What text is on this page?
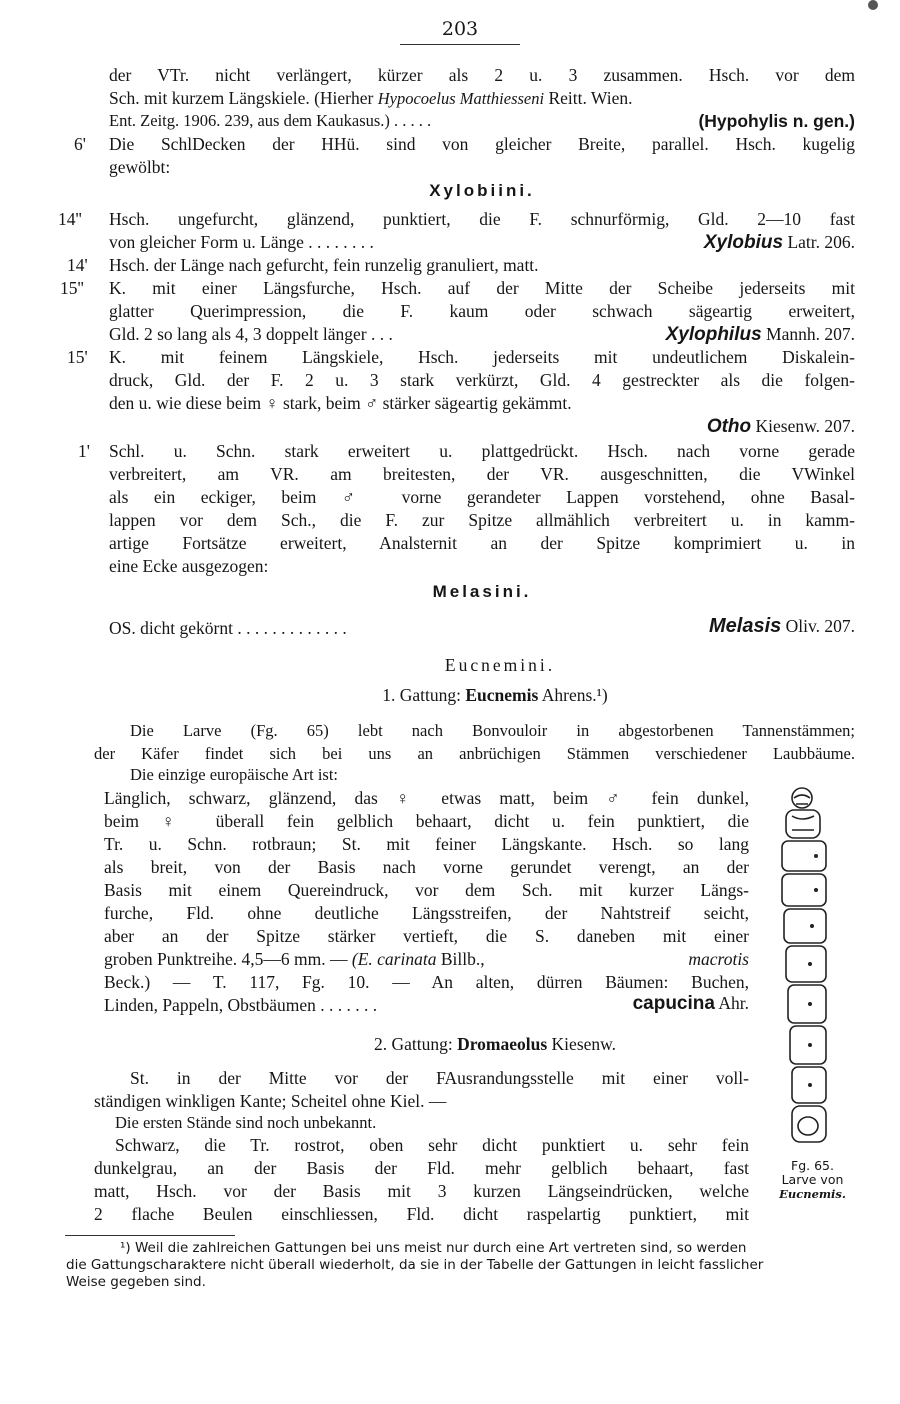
203
der VTr. nicht verlängert, kürzer als 2 u. 3 zusammen. Hsch. vor dem
Sch. mit kurzem Längskiele. (Hierher Hypocoelus Matthiesseni Reitt. Wien.
Ent. Zeitg. 1906. 239, aus dem Kaukasus.) . . . . .	(Hypohylis n. gen.)
6' Die SchlDecken der HHü. sind von gleicher Breite, parallel. Hsch. kugelig
gewölbt:
Xylobiini.
14'' Hsch. ungefurcht, glänzend, punktiert, die F. schnurförmig, Gld. 2—10 fast
von gleicher Form u. Länge . . . . . . . .	Xylobius Latr. 206.
14' Hsch. der Länge nach gefurcht, fein runzelig granuliert, matt.
15'' K. mit einer Längsfurche, Hsch. auf der Mitte der Scheibe jederseits mit
glatter Querimpression, die F. kaum oder schwach sägeartig erweitert,
Gld. 2 so lang als 4, 3 doppelt länger . . .	Xylophilus Mannh. 207.
15' K. mit feinem Längskiele, Hsch. jederseits mit undeutlichem Diskalein-
druck, Gld. der F. 2 u. 3 stark verkürzt, Gld. 4 gestreckter als die folgen-
den u. wie diese beim ♀ stark, beim ♂ stärker sägeartig gekämmt.
Otho Kiesenw. 207.
1' Schl. u. Schn. stark erweitert u. plattgedrückt. Hsch. nach vorne gerade
verbreitert, am VR. am breitesten, der VR. ausgeschnitten, die VWinkel
als ein eckiger, beim ♂ vorne gerandeter Lappen vorstehend, ohne Basal-
lappen vor dem Sch., die F. zur Spitze allmählich verbreitert u. in kamm-
artige Fortsätze erweitert, Analsternit an der Spitze komprimiert u. in
eine Ecke ausgezogen:
Melasini.
OS. dicht gekörnt . . . . . . . . . . . . .	Melasis Oliv. 207.
Eucnemini.
1. Gattung: Eucnemis Ahrens.¹)
Die Larve (Fg. 65) lebt nach Bonvouloir in abgestorbenen Tannenstämmen;
der Käfer findet sich bei uns an anbrüchigen Stämmen verschiedener Laubbäume.
Die einzige europäische Art ist:
Länglich, schwarz, glänzend, das ♀ etwas matt, beim ♂ fein dunkel,
beim ♀ überall fein gelblich behaart, dicht u. fein punktiert, die
Tr. u. Schn. rotbraun; St. mit feiner Längskante. Hsch. so lang
als breit, von der Basis nach vorne gerundet verengt, an der
Basis mit einem Quereindruck, vor dem Sch. mit kurzer Längs-
furche, Fld. ohne deutliche Längsstreifen, der Nahtstreif seicht,
aber an der Spitze stärker vertieft, die S. daneben mit einer
groben Punktreihe. 4,5—6 mm. — (E. carinata Billb.,	macrotis
Beck.) — T. 117, Fg. 10. — An alten, dürren Bäumen: Buchen,
Linden, Pappeln, Obstbäumen . . . . . . .	capucina Ahr.
2. Gattung: Dromaeolus Kiesenw.
St. in der Mitte vor der FAusrandungsstelle mit einer voll-
ständigen winkligen Kante; Scheitel ohne Kiel. —
Die ersten Stände sind noch unbekannt.
Schwarz, die Tr. rostrot, oben sehr dicht punktiert u. sehr fein
dunkelgrau, an der Basis der Fld. mehr gelblich behaart, fast
matt, Hsch. vor der Basis mit 3 kurzen Längseindrücken, welche
2 flache Beulen einschliessen, Fld. dicht raspelartig punktiert, mit
Fg. 65.
Larve von
Eucnemis.
¹) Weil die zahlreichen Gattungen bei uns meist nur durch eine Art vertreten sind, so werden
die Gattungscharaktere nicht überall wiederholt, da sie in der Tabelle der Gattungen in leicht fasslicher
Weise gegeben sind.
